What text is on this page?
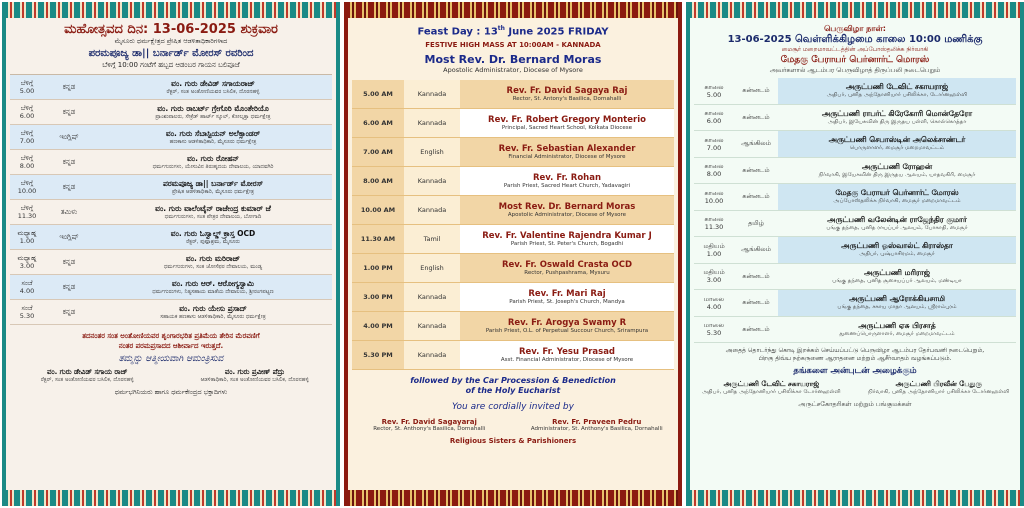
ಮಹೋತ್ಸವದ ದಿನ: 13-06-2025 ಶುಕ್ರವಾರ
ಮೈಸೂರು ಧರ್ಮಕ್ಷೇತ್ರದ ಪ್ರೇಷಿತ ಆಡಳಿತಾಧಿಕಾರಿಗಳಾದ
ಪರಮಪೂಜ್ಯ ಡಾ|| ಬರ್ನಾರ್ಡ್ ಮೋರಸ್ ರವರಿಂದ
ಬೆಳಿಗ್ಗೆ 10:00 ಗಂಟೆಗೆ ಹಬ್ಬದ ಆಡಂಬರ ಗಾಯನ ಬಲಿಪೂಜೆ
ಬೆಳಿಗ್ಗೆ
5.00
ಕನ್ನಡ	ವಂ. ಗುರು ಡೇವಿಡ್ ಸಗಾಯರಾಜ್
ರೆಕ್ಟರ್, ಸಂತ ಅಂತೋಣಿಯವರ ಬಸಿಲಿಕ, ದೊರನಹಳ್ಳಿ
ಬೆಳಿಗ್ಗೆ
6.00
ಕನ್ನಡ	ವಂ. ಗುರು ರಾಬರ್ಟ್ ಗ್ರೇಗೊರಿ ಮೊಂತೇರಿಯೊ
ಪ್ರಾಂಶುಪಾಲರು, ಸೇಕ್ರೆಡ್ ಹಾರ್ಟ್ ಸ್ಕೂಲ್, ಕೋಲ್ಕತ್ತಾ ಧರ್ಮಕ್ಷೇತ್ರ
ಬೆಳಿಗ್ಗೆ
7.00
ಇಂಗ್ಲಿಷ್	ವಂ. ಗುರು ಸೆಬಾಸ್ಟಿಯನ್ ಅಲೆಕ್ಸಾಂಡರ್
ಹಣಕಾಸು ಆಡಳಿತಾಧಿಕಾರಿ, ಮೈಸೂರು ಧರ್ಮಕ್ಷೇತ್ರ
ಬೆಳಿಗ್ಗೆ
8.00
ಕನ್ನಡ	ವಂ. ಗುರು ರೋಹನ್
ಧರ್ಮಗುರುಗಳು, ಯೇಸುವಿನ ತಿರುಹೃದಯ ದೇವಾಲಯ, ಯಾದವಗಿರಿ
ಬೆಳಿಗ್ಗೆ
10.00
ಕನ್ನಡ	ಪರಮಪೂಜ್ಯ ಡಾ|| ಬರ್ನಾರ್ಡ್ ಮೋರಸ್
ಪ್ರೇಷಿತ ಆಡಳಿತಾಧಿಕಾರಿ, ಮೈಸೂರು ಧರ್ಮಕ್ಷೇತ್ರ
ಬೆಳಿಗ್ಗೆ
11.30
ತಮಿಳು	ವಂ. ಗುರು ವಾಲೆಂಟೈನ್ ರಾಜೇಂದ್ರ ಕುಮಾರ್ ಜೆ
ಧರ್ಮಗುರುಗಳು, ಸಂತ ಪೇತ್ರರ ದೇವಾಲಯ, ಬೋಗಾದಿ
ಮಧ್ಯಾಹ್ನ
1.00
ಇಂಗ್ಲಿಷ್	ವಂ. ಗುರು ಓಸ್ವಾಲ್ಡ್ ಕ್ರಾಸ್ತ OCD
ರೆಕ್ಟರ್, ಪುಷ್ಪಾಶ್ರಮ, ಮೈಸೂರು
ಮಧ್ಯಾಹ್ನ
3.00
ಕನ್ನಡ	ವಂ. ಗುರು ಮರಿರಾಜ್
ಧರ್ಮಗುರುಗಳು, ಸಂತ ಜೋಸೆಫರ ದೇವಾಲಯ, ಮಂಡ್ಯ
ಸಂಜೆ
4.00
ಕನ್ನಡ	ವಂ. ಗುರು ಆರ್. ಆರೋಗ್ಯಸ್ವಾಮಿ
ಧರ್ಮಗುರುಗಳು, ನಿತ್ಯಸಹಾಯ ಮಾತೆಯ ದೇವಾಲಯ, ಶ್ರೀರಂಗಪಟ್ಟಣ
ಸಂಜೆ
5.30
ಕನ್ನಡ	ವಂ. ಗುರು ಯೇಸು ಪ್ರಸಾದ್
ಸಹಾಯಕ ಹಣಕಾಸು ಆಡಳಿತಾಧಿಕಾರಿ, ಮೈಸೂರು ಧರ್ಮಕ್ಷೇತ್ರ
ತದನಂತರ ಸಂತ ಅಂತೋಣಿಯವರ ಶೃಂಗಾರಭರಿತ ಪ್ರತಿಮೆಯ ತೇರಿನ ಮೆರವಣಿಗೆ
ನಂತರ ಪರಮಪ್ರಸಾದದ ಆಶೀರ್ವಾದ ಇರುತ್ತದೆ.
ತಮ್ಮನ್ನು ಆತ್ಮೀಯವಾಗಿ ಆಮಂತ್ರಿಸುವ
ವಂ. ಗುರು ಡೇವಿಡ್ ಸಗಾಯ ರಾಜ್
ರೆಕ್ಟರ್, ಸಂತ ಅಂತೋಣಿಯವರ ಬಸಿಲಿಕ, ದೊರನಹಳ್ಳಿ
ವಂ. ಗುರು ಪ್ರವೀಣ್ ಪೆದ್ರು
ಆಡಳಿತಾಧಿಕಾರಿ, ಸಂತ ಅಂತೋಣಿಯವರ ಬಸಿಲಿಕ, ದೊರನಹಳ್ಳಿ
ಧರ್ಮಭಗಿನಿಯರು ಹಾಗೂ ಧರ್ಮಕೇಂದ್ರದ ಭಕ್ತಾದಿಗಳು
Feast Day : 13th June 2025 FRIDAY
FESTIVE HIGH MASS AT 10:00AM - KANNADA
Most Rev. Dr. Bernard Moras
Apostolic Administrator, Diocese of Mysore
5.00 AM	Kannada	Rev. Fr. David Sagaya Raj
Rector, St. Antony's Basilica, Dornahalli
6.00 AM	Kannada	Rev. Fr. Robert Gregory Monterio
Principal, Sacred Heart School, Kolkata Diocese
7.00 AM	English	Rev. Fr. Sebastian Alexander
Financial Administrator, Diocese of Mysore
8.00 AM	Kannada	Rev. Fr. Rohan
Parish Priest, Sacred Heart Church, Yadavagiri
10.00 AM	Kannada	Most Rev. Dr. Bernard Moras
Apostolic Administrator, Diocese of Mysore
11.30 AM	Tamil	Rev. Fr. Valentine Rajendra Kumar J
Parish Priest, St. Peter's Church, Bogadhi
1.00 PM	English	Rev. Fr. Oswald Crasta OCD
Rector, Pushpashrama, Mysuru
3.00 PM	Kannada	Rev. Fr. Mari Raj
Parish Priest, St. Joseph's Church, Mandya
4.00 PM	Kannada	Rev. Fr. Arogya Swamy R
Parish Priest, O.L. of Perpetual Succour Church, Srirampura
5.30 PM	Kannada	Rev. Fr. Yesu Prasad
Asst. Financial Administrator, Diocese of Mysore
followed by the Car Procession & Benediction
of the Holy Eucharist
You are cordially invited by
Rev. Fr. David Sagayaraj
Rector, St. Anthony's Basilica, Dornahalli
Rev. Fr. Praveen Pedru
Administrator, St. Anthony's Basilica, Dornahalli
Religious Sisters & Parishioners
பெருவிழா நாள்:
13-06-2025 வெள்ளிக்கிழமை காலை 10:00 மணிக்கு
மைசூர் மறைமாவட்டத்தின் அப்போஸ்தலிக்க நிர்வாகி
மேதகு பேராயர் பெர்னார்ட் மொரஸ்
அவர்களால் ஆடம்பர பெருவிழாத் திருப்பலி நடைபெறும்
காலை
5.00
கன்னடம்	அருட்பணி டேவிட் சகாயராஜ்
அதிபர், புனித அந்தோனியார் பசிலிக்கா, டோர்னஹள்ளி
காலை
6.00
கன்னடம்	அருட்பணி ராபர்ட் கிரேகோரி மொன்தேரோ
அதிபர், இயேசுவின் திரு இருதய பள்ளி, கொல்கொத்தா
காலை
7.00
ஆங்கிலம்	அருட்பணி செபாஸ்டின் அலெக்சாண்டர்
பொருளாளர், மைசூர் மறைமாவட்டம்
காலை
8.00
கன்னடம்	அருட்பணி ரோஹன்
நிர்வாகி, இயேசுவின் திரு இருதய ஆலயம், யாதவகிரி, மைசூர்
காலை
10.00
கன்னடம்	மேதகு பேராயர் பெர்னார்ட் மோரஸ்
அப்போஸ்தலிக்க நிர்வாகி, மைசூர் மறைமாவட்டம்
காலை
11.30
தமிழ்	அருட்பணி வலேன்டின் ராஜேந்திர குமார்
பங்கு தந்தை, புனித ராயப்பர் ஆலயம், போகாதி, மைசூர்
மதியம்
1.00
ஆங்கிலம்	அருட்பணி ஓஸ்வால்ட் கிராஸ்தா
அதிபர், புஷ்பாசிரமம், மைசூர்
மதியம்
3.00
கன்னடம்	அருட்பணி மரிராஜ்
பங்கு தந்தை, புனித சூசையப்பர் ஆலயம், மண்டியா
மாலை
4.00
கன்னடம்	அருட்பணி ஆரோக்கியசாமி
பங்கு தந்தை, சகாய மாதா ஆலயம், ஸ்ரீராம்புரம்
மாலை
5.30
கன்னடம்	அருட்பணி ஏசு பிரசாத்
துணைப்பொருளாளர், மைசூர் மறைமாவட்டம்
அதைத் தொடர்ந்து கொடி இறக்கம் செய்யப்பட்டு பெருவிழா ஆடம்பர தேர்பவனி நடைபெறும்,
பிறகு திவ்ய நற்கருணை ஆராதனை மற்றும் ஆசீர்வாதம் வழங்கப்படும்.
தங்களை அன்புடன் அழைக்கும்
அருட்பணி டேவிட் சகாயராஜ்
அதிபர், புனித அந்தோனியார் பசிலிக்கா டோர்னஹள்ளி
அருட்பணி பிரவீன் பேதுரு
நிர்வாகி, புனித அந்தோனியார் பசிலிக்கா டோர்னஹள்ளி
அருட்சகோதரிகள் மற்றும் பங்குமக்கள்
